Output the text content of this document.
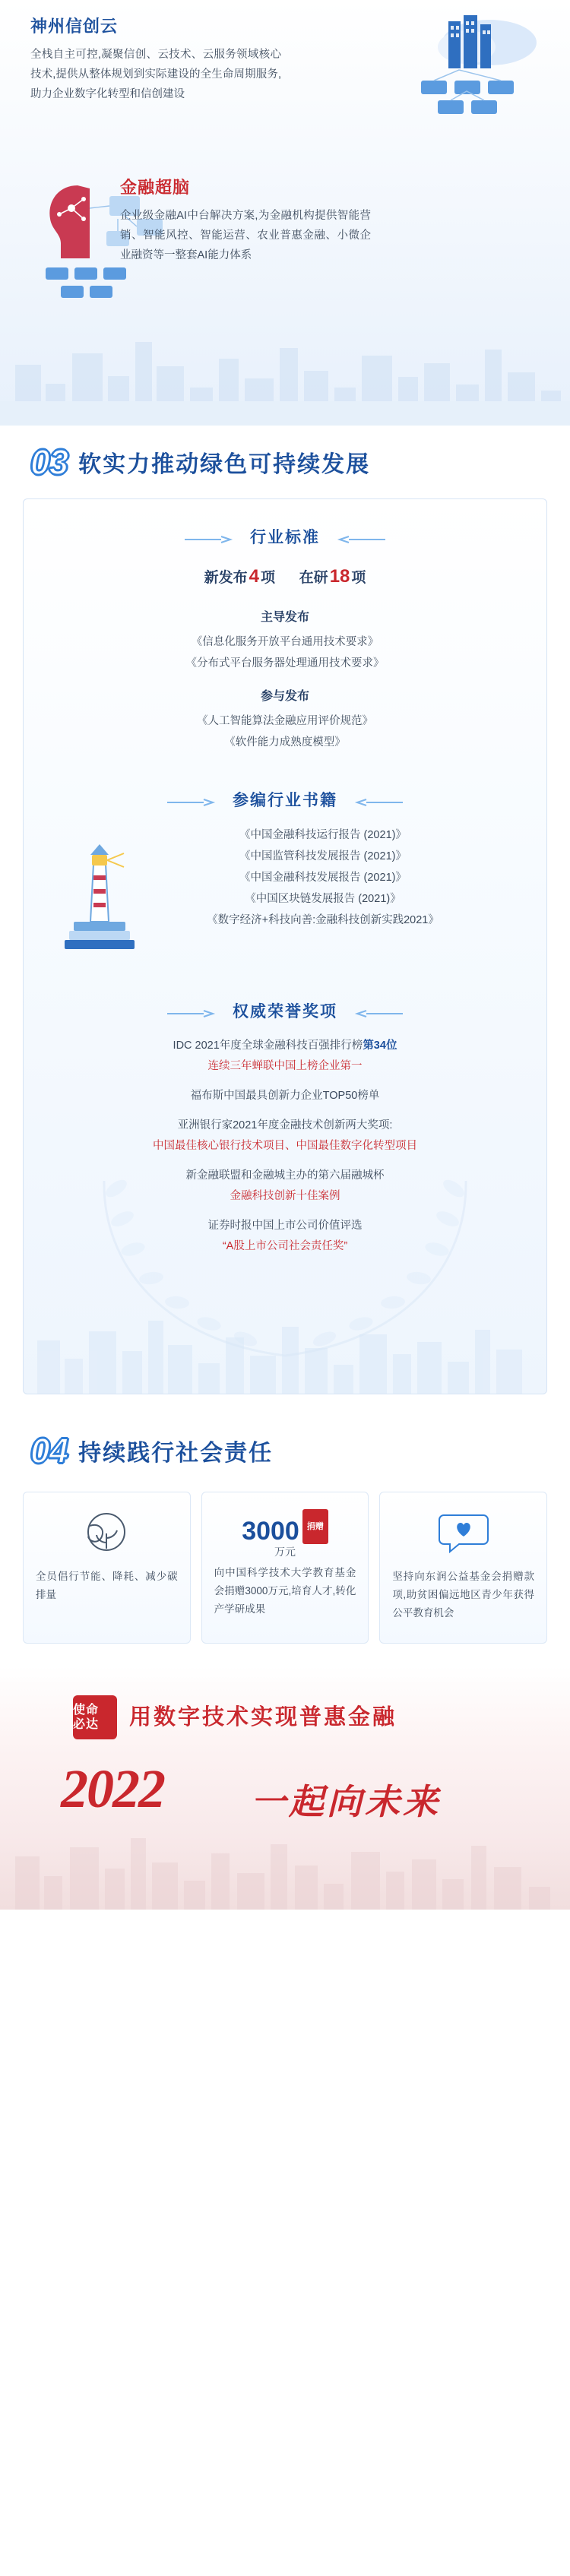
神州信创云
全栈自主可控,凝聚信创、云技术、云服务领域核心技术,提供从整体规划到实际建设的全生命周期服务,助力企业数字化转型和信创建设
金融超脑
企业级金融AI中台解决方案,为金融机构提供智能营销、智能风控、智能运营、农业普惠金融、小微企业融资等一整套AI能力体系
03 软实力推动绿色可持续发展
行业标准
新发布4 项 在研18 项
主导发布
《信息化服务开放平台通用技术要求》
《分布式平台服务器处理通用技术要求》
参与发布
《人工智能算法金融应用评价规范》
《软件能力成熟度模型》
参编行业书籍
《中国金融科技运行报告 (2021)》
《中国监管科技发展报告 (2021)》
《中国金融科技发展报告 (2021)》
《中国区块链发展报告 (2021)》
《数字经济+科技向善:金融科技创新实践2021》
权威荣誉奖项
IDC 2021年度全球金融科技百强排行榜第34位
连续三年蝉联中国上榜企业第一
福布斯中国最具创新力企业TOP50榜单
亚洲银行家2021年度金融技术创新两大奖项:
中国最佳核心银行技术项目、中国最佳数字化转型项目
新金融联盟和金融城主办的第六届融城杯
金融科技创新十佳案例
证券时报中国上市公司价值评选
“A股上市公司社会责任奖”
04 持续践行社会责任
全员倡行节能、降耗、减少碳排量
3000 捐赠
万元
向中国科学技术大学教育基金会捐赠3000万元,培育人才,转化产学研成果
坚持向东润公益基金会捐赠款项,助贫困偏远地区青少年获得公平教育机会
使命
必达	用数字技术实现普惠金融
2022 一起向未来
